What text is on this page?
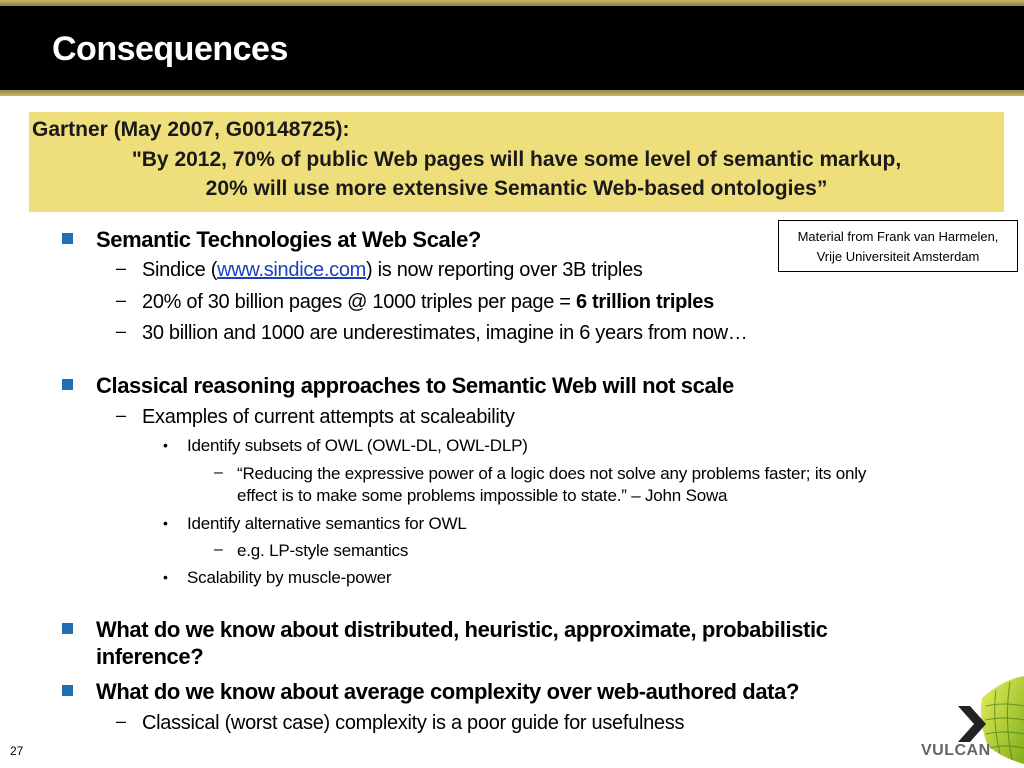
Consequences
Gartner (May 2007, G00148725):
"By 2012, 70% of public Web pages will have some level of semantic markup,
20% will use more extensive Semantic Web-based ontologies”
Material from Frank van Harmelen,
Vrije Universiteit Amsterdam
Semantic Technologies at Web Scale?
– Sindice (www.sindice.com) is now reporting over 3B triples
– 20% of 30 billion pages @ 1000 triples per page = 6 trillion triples
– 30 billion and 1000 are underestimates, imagine in 6 years from now…
Classical reasoning approaches to Semantic Web will not scale
– Examples of current attempts at scaleability
• Identify subsets of OWL (OWL-DL, OWL-DLP)
– “Reducing the expressive power of a logic does not solve any problems faster; its only
effect is to make some problems impossible to state.” – John Sowa
• Identify alternative semantics for OWL
– e.g. LP-style semantics
• Scalability by muscle-power
What do we know about distributed, heuristic, approximate, probabilistic
inference?
What do we know about average complexity over web-authored data?
– Classical (worst case) complexity is a poor guide for usefulness
27	VULCAN
